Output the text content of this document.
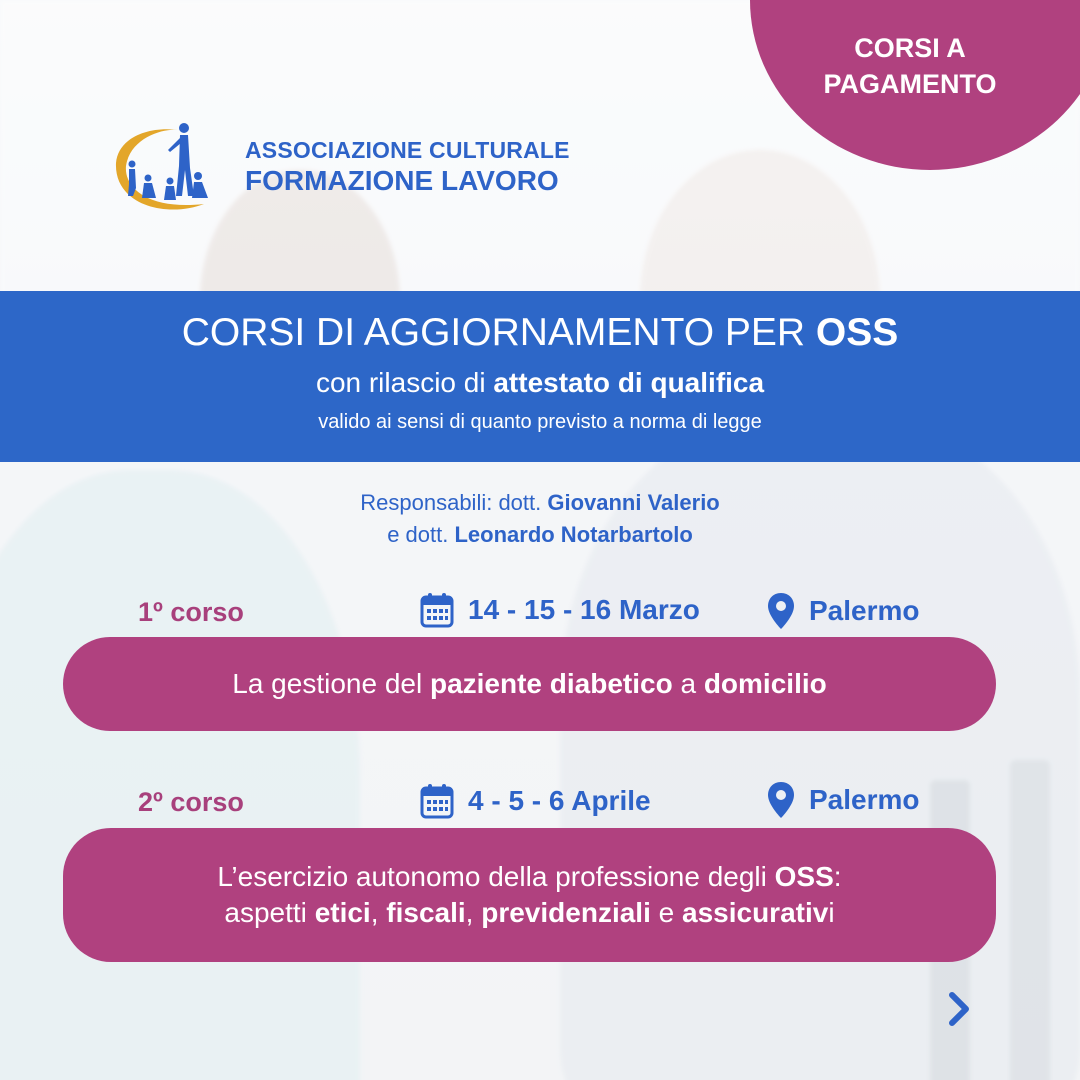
CORSI A
PAGAMENTO
ASSOCIAZIONE CULTURALE
FORMAZIONE LAVORO
CORSI DI AGGIORNAMENTO PER OSS
con rilascio di attestato di qualifica
valido ai sensi di quanto previsto a norma di legge
Responsabili: dott. Giovanni Valerio
e dott. Leonardo Notarbartolo
1º corso	14 - 15 - 16 Marzo	Palermo
La gestione del paziente diabetico a domicilio
2º corso	4 - 5 - 6 Aprile	Palermo
L’esercizio autonomo della professione degli OSS:
aspetti etici, fiscali, previdenziali e assicurativi
